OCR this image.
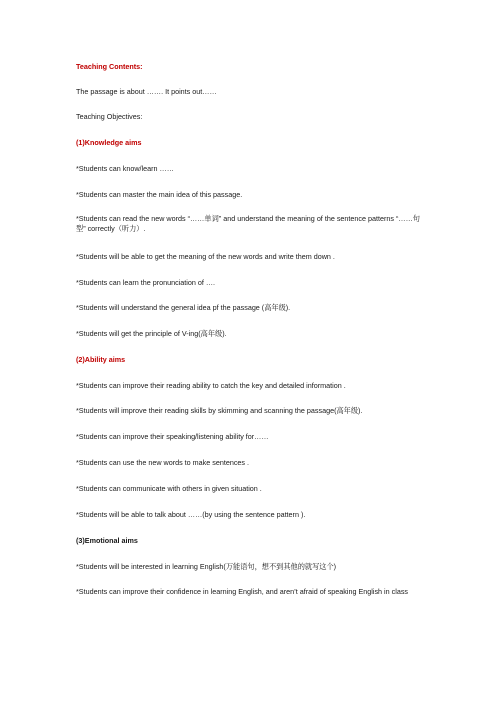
Teaching Contents:
The passage is about ……. It points out……
Teaching Objectives:
(1)Knowledge aims
*Students can know/learn ……
*Students can master the main idea of this passage.
*Students can read the new words “……单词” and understand the meaning of the sentence patterns “……句型” correctly（听力）.
*Students will be able to get the meaning of the new words and write them down .
*Students can learn the pronunciation of ….
*Students will understand the general idea pf the passage (高年级).
*Students will get the principle of V-ing(高年级).
(2)Ability aims
*Students can improve their reading ability to catch the key and detailed information .
*Students will improve their reading skills by skimming and scanning the passage(高年级).
*Students can improve their speaking/listening ability for……
*Students can use the new words to make sentences .
*Students can communicate with others in given situation .
*Students will be able to talk about ……(by using the sentence pattern ).
(3)Emotional aims
*Students will be interested in learning English(万能语句，想不到其他的就写这个)
*Students can improve their confidence in learning English, and aren’t afraid of speaking English in class
